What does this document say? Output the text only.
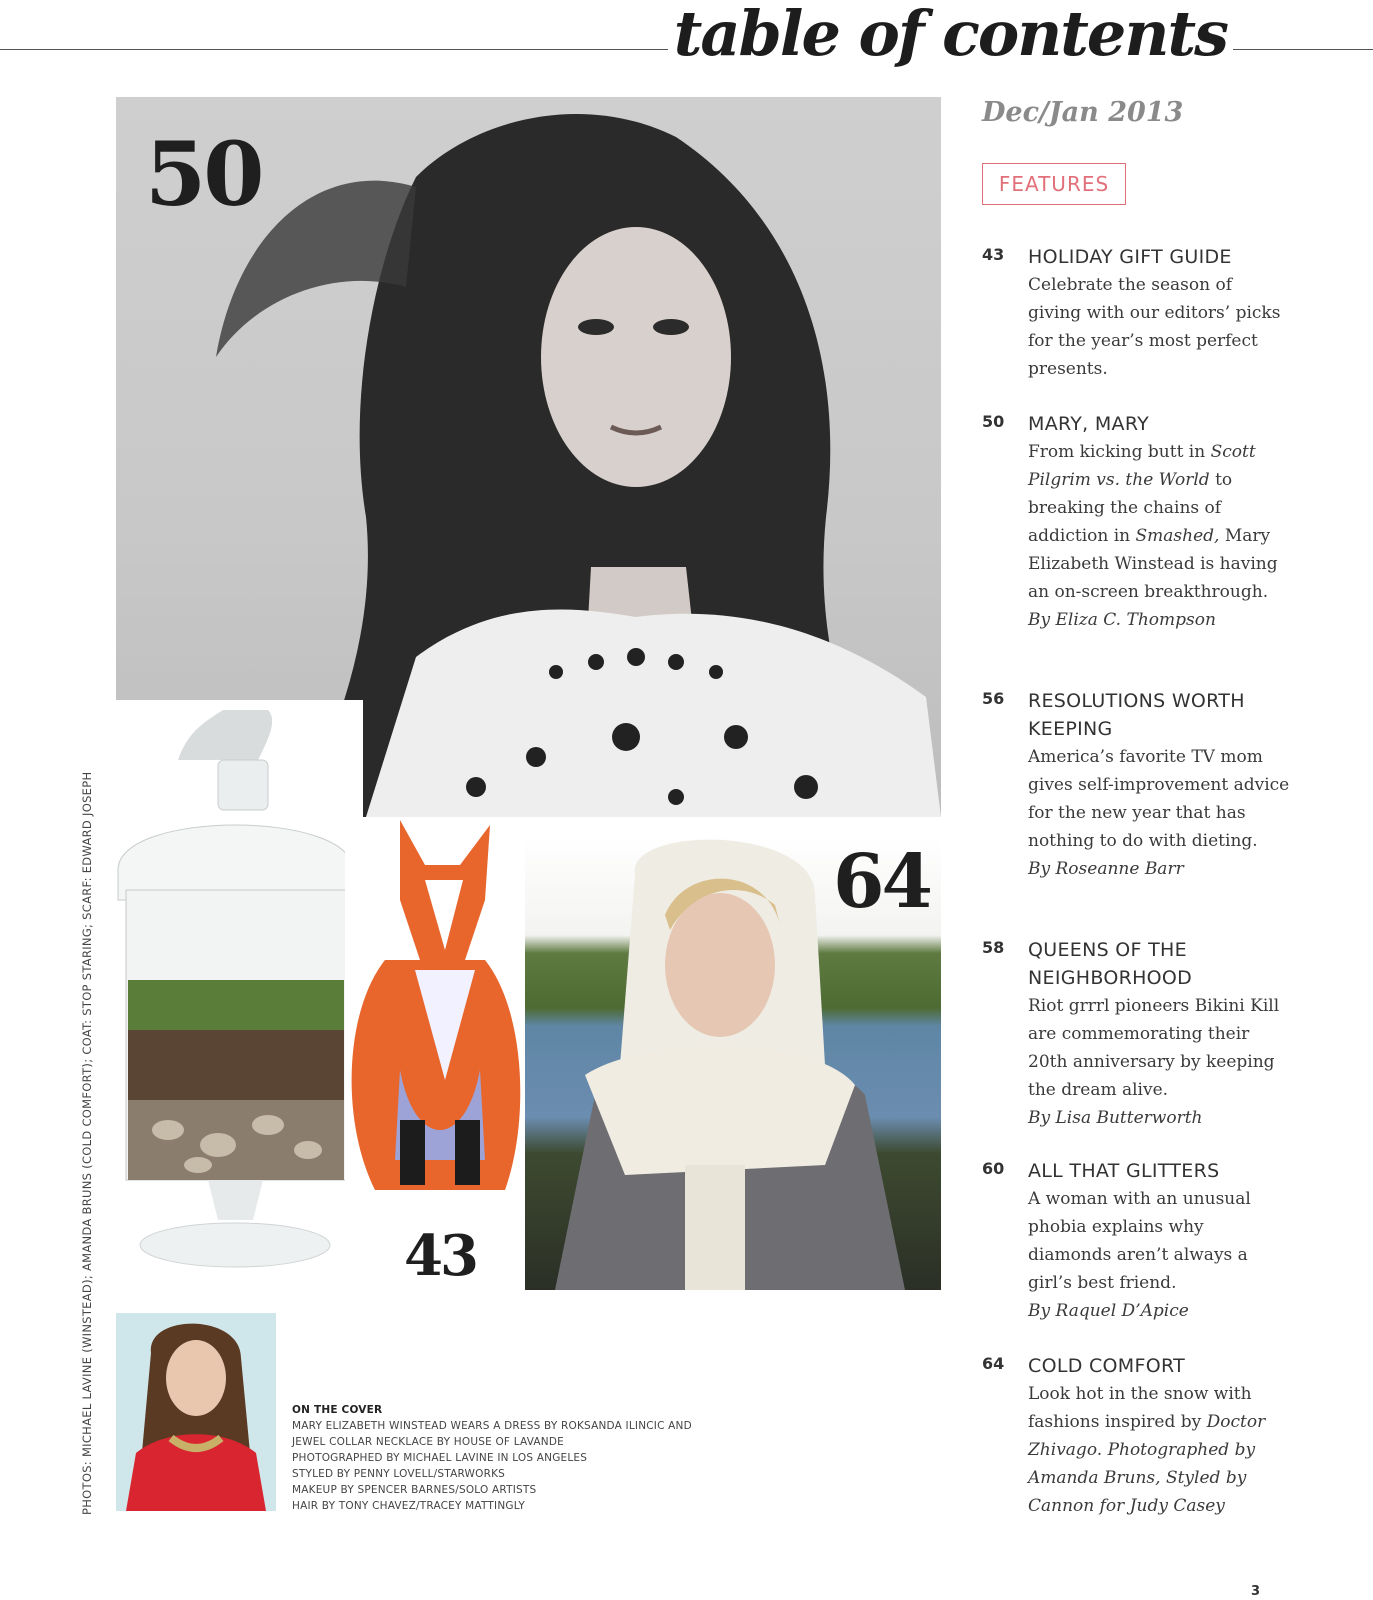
table of contents
50
64
43
PHOTOS: MICHAEL LAVINE (WINSTEAD); AMANDA BRUNS (COLD COMFORT); COAT: STOP STARING; SCARF: EDWARD JOSEPH	ON THE COVER
MARY ELIZABETH WINSTEAD WEARS A DRESS BY ROKSANDA ILINCIC AND
JEWEL COLLAR NECKLACE BY HOUSE OF LAVANDE
PHOTOGRAPHED BY MICHAEL LAVINE IN LOS ANGELES
STYLED BY PENNY LOVELL/STARWORKS
MAKEUP BY SPENCER BARNES/SOLO ARTISTS
HAIR BY TONY CHAVEZ/TRACEY MATTINGLY
Dec/Jan 2013
FEATURES
43 HOLIDAY GIFT GUIDE
Celebrate the season of giving with our editors’ picks for the year’s most perfect presents.
50 MARY, MARY
From kicking butt in Scott Pilgrim vs. the World to breaking the chains of addiction in Smashed, Mary Elizabeth Winstead is having an on-screen breakthrough.
By Eliza C. Thompson
56 RESOLUTIONS WORTH KEEPING
America’s favorite TV mom gives self-improvement advice for the new year that has nothing to do with dieting.
By Roseanne Barr
58 QUEENS OF THE NEIGHBORHOOD
Riot grrrl pioneers Bikini Kill are commemorating their 20th anniversary by keeping the dream alive.
By Lisa Butterworth
60 ALL THAT GLITTERS
A woman with an unusual phobia explains why diamonds aren’t always a girl’s best friend.
By Raquel D’Apice
64 COLD COMFORT
Look hot in the snow with fashions inspired by Doctor Zhivago. Photographed by Amanda Bruns, Styled by Cannon for Judy Casey
3
